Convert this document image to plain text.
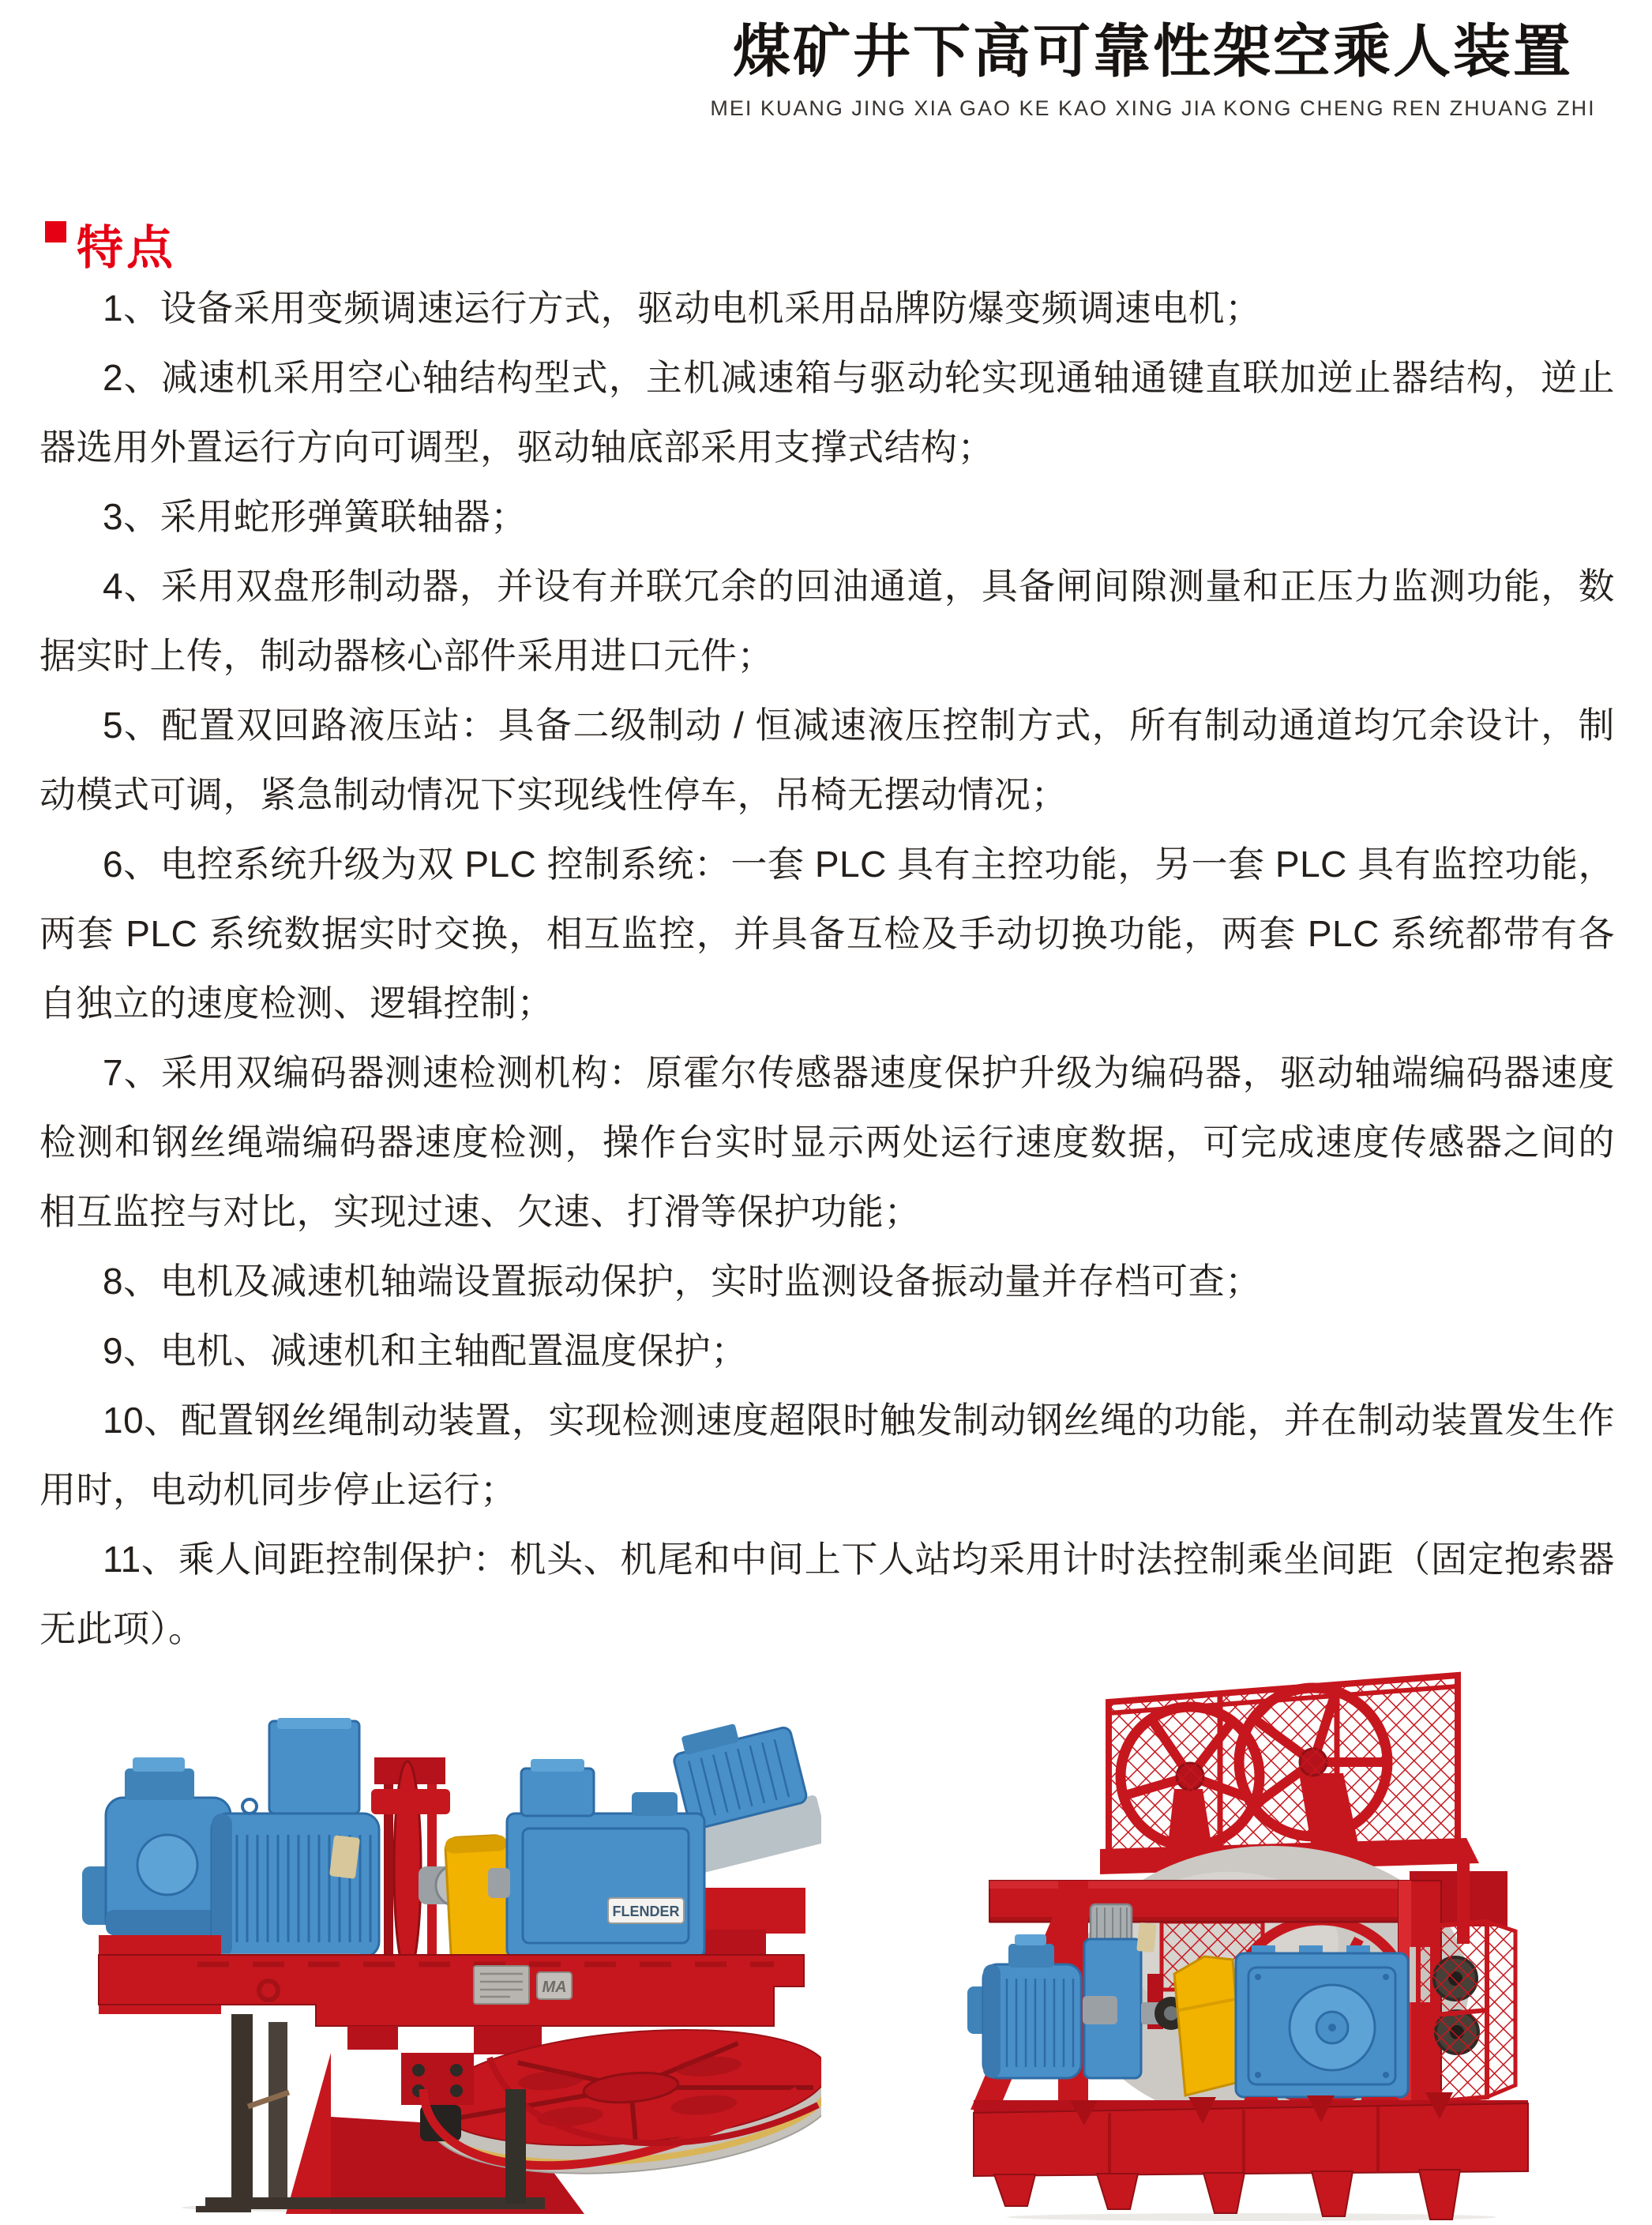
煤矿井下高可靠性架空乘人装置
MEI KUANG JING XIA GAO KE KAO XING JIA KONG CHENG REN ZHUANG ZHI
特点

1、设备采用变频调速运行方式，驱动电机采用品牌防爆变频调速电机；

2、减速机采用空心轴结构型式，主机减速箱与驱动轮实现通轴通键直联加逆止器结构，逆止器选用外置运行方向可调型，驱动轴底部采用支撑式结构；

3、采用蛇形弹簧联轴器；

4、采用双盘形制动器，并设有并联冗余的回油通道，具备闸间隙测量和正压力监测功能，数据实时上传，制动器核心部件采用进口元件；

5、配置双回路液压站：具备二级制动 / 恒减速液压控制方式，所有制动通道均冗余设计，制动模式可调，紧急制动情况下实现线性停车，吊椅无摆动情况；

6、电控系统升级为双 PLC 控制系统：一套 PLC 具有主控功能，另一套 PLC 具有监控功能，两套 PLC 系统数据实时交换，相互监控，并具备互检及手动切换功能，两套 PLC 系统都带有各自独立的速度检测、逻辑控制；

7、采用双编码器测速检测机构：原霍尔传感器速度保护升级为编码器，驱动轴端编码器速度检测和钢丝绳端编码器速度检测，操作台实时显示两处运行速度数据，可完成速度传感器之间的相互监控与对比，实现过速、欠速、打滑等保护功能；

8、电机及减速机轴端设置振动保护，实时监测设备振动量并存档可查；

9、电机、减速机和主轴配置温度保护；

10、配置钢丝绳制动装置，实现检测速度超限时触发制动钢丝绳的功能，并在制动装置发生作用时，电动机同步停止运行；

11、乘人间距控制保护：机头、机尾和中间上下人站均采用计时法控制乘坐间距（固定抱索器无此项）。

FLENDER
MA
